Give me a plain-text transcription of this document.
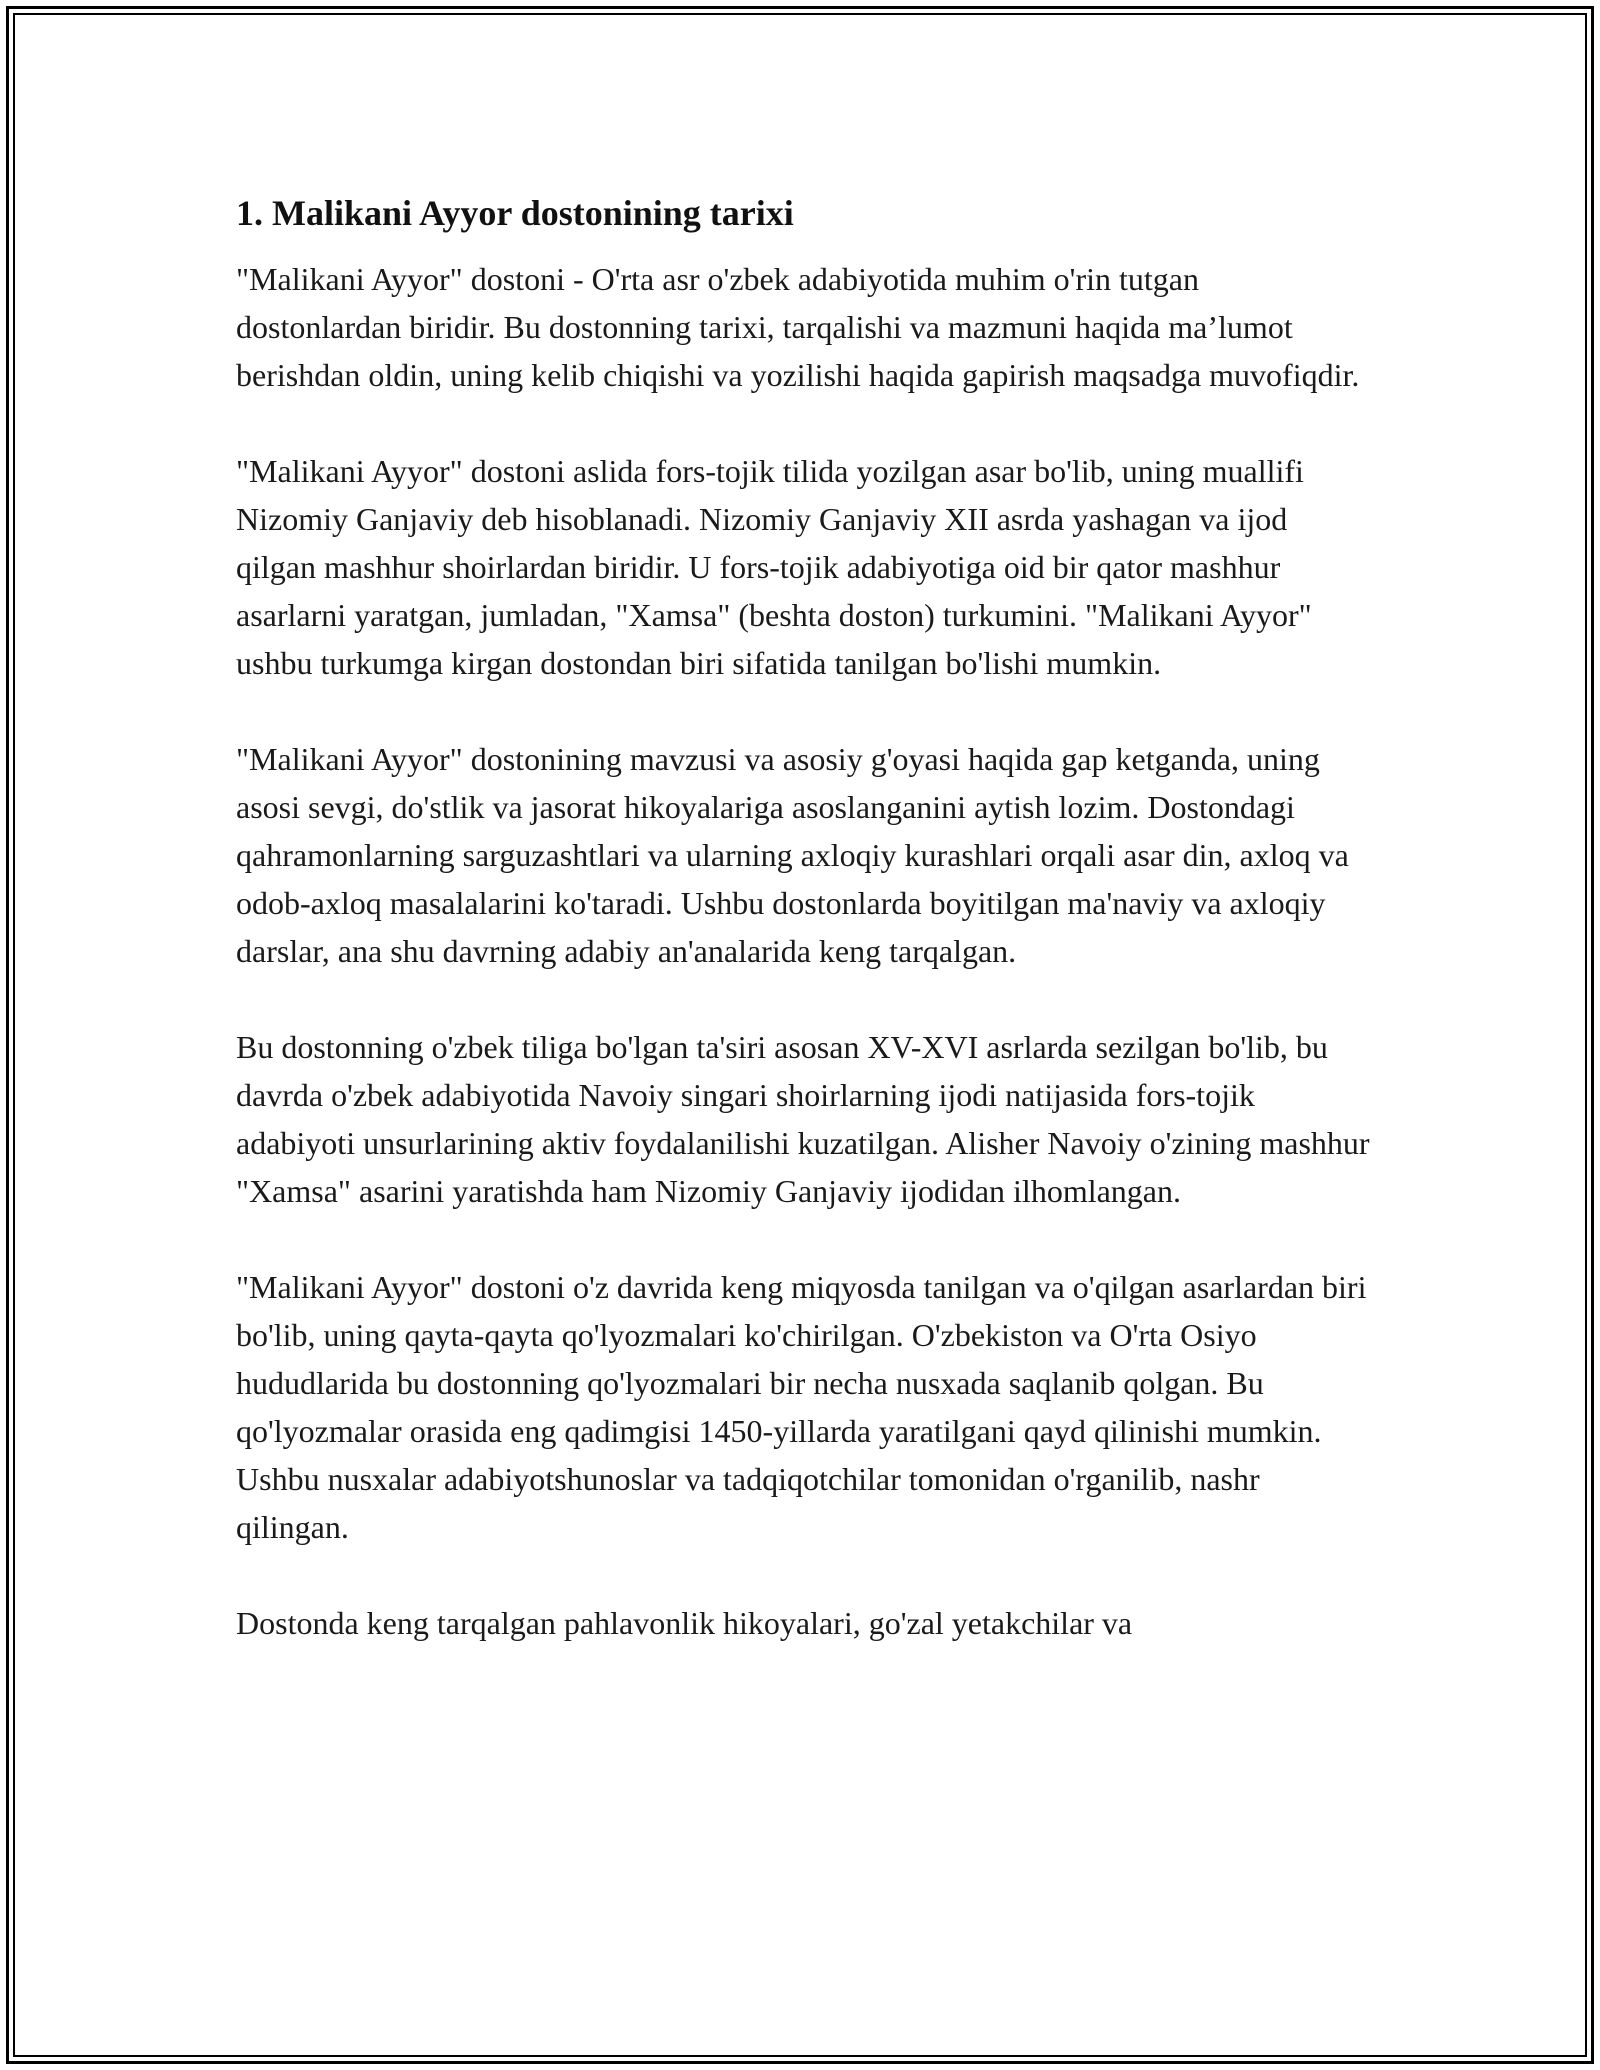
1. Malikani Ayyor dostonining tarixi

"Malikani Ayyor" dostoni - O'rta asr o'zbek adabiyotida muhim o'rin tutgan dostonlardan biridir. Bu dostonning tarixi, tarqalishi va mazmuni haqida ma’lumot berishdan oldin, uning kelib chiqishi va yozilishi haqida gapirish maqsadga muvofiqdir.

"Malikani Ayyor" dostoni aslida fors-tojik tilida yozilgan asar bo'lib, uning muallifi Nizomiy Ganjaviy deb hisoblanadi. Nizomiy Ganjaviy XII asrda yashagan va ijod qilgan mashhur shoirlardan biridir. U fors-tojik adabiyotiga oid bir qator mashhur asarlarni yaratgan, jumladan, "Xamsa" (beshta doston) turkumini. "Malikani Ayyor" ushbu turkumga kirgan dostondan biri sifatida tanilgan bo'lishi mumkin.

"Malikani Ayyor" dostonining mavzusi va asosiy g'oyasi haqida gap ketganda, uning asosi sevgi, do'stlik va jasorat hikoyalariga asoslanganini aytish lozim. Dostondagi qahramonlarning sarguzashtlari va ularning axloqiy kurashlari orqali asar din, axloq va odob-axloq masalalarini ko'taradi. Ushbu dostonlarda boyitilgan ma'naviy va axloqiy darslar, ana shu davrning adabiy an'analarida keng tarqalgan.

Bu dostonning o'zbek tiliga bo'lgan ta'siri asosan XV-XVI asrlarda sezilgan bo'lib, bu davrda o'zbek adabiyotida Navoiy singari shoirlarning ijodi natijasida fors-tojik adabiyoti unsurlarining aktiv foydalanilishi kuzatilgan. Alisher Navoiy o'zining mashhur "Xamsa" asarini yaratishda ham Nizomiy Ganjaviy ijodidan ilhomlangan.

"Malikani Ayyor" dostoni o'z davrida keng miqyosda tanilgan va o'qilgan asarlardan biri bo'lib, uning qayta-qayta qo'lyozmalari ko'chirilgan. O'zbekiston va O'rta Osiyo hududlarida bu dostonning qo'lyozmalari bir necha nusxada saqlanib qolgan. Bu qo'lyozmalar orasida eng qadimgisi 1450-yillarda yaratilgani qayd qilinishi mumkin. Ushbu nusxalar adabiyotshunoslar va tadqiqotchilar tomonidan o'rganilib, nashr qilingan.

Dostonda keng tarqalgan pahlavonlik hikoyalari, go'zal yetakchilar va
